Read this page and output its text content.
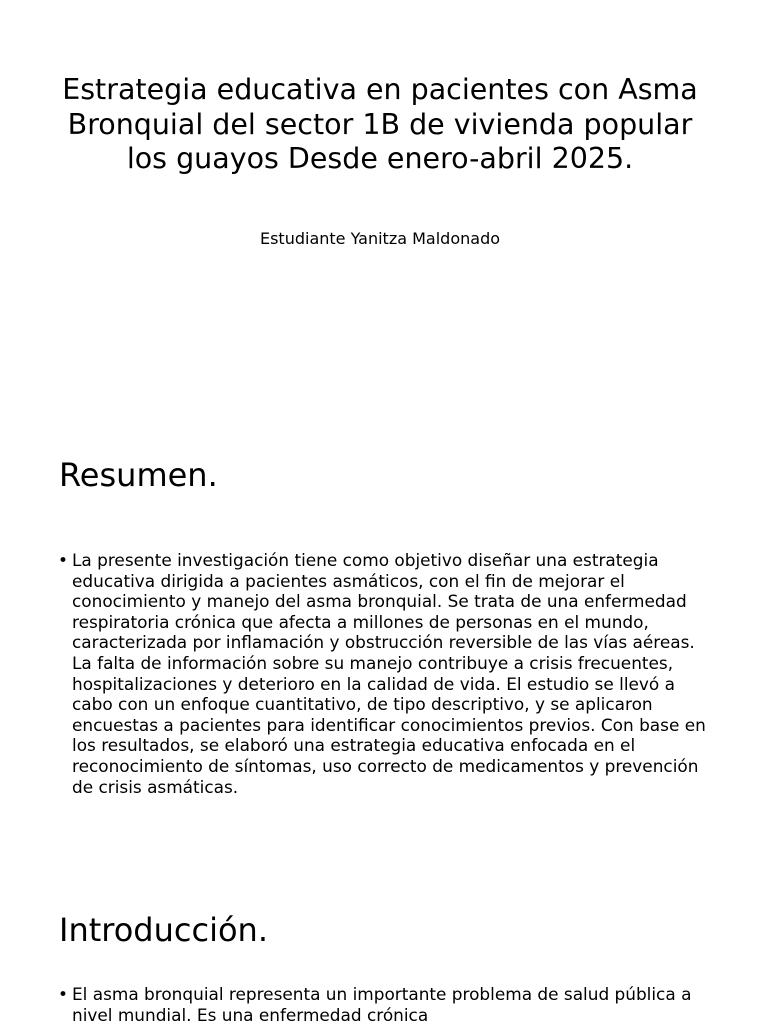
Estrategia educativa en pacientes con Asma Bronquial del sector 1B de vivienda popular los guayos Desde enero-abril 2025.

Estudiante Yanitza Maldonado

Resumen.
• La presente investigación tiene como objetivo diseñar una estrategia educativa dirigida a pacientes asmáticos, con el fin de mejorar el conocimiento y manejo del asma bronquial. Se trata de una enfermedad respiratoria crónica que afecta a millones de personas en el mundo, caracterizada por inflamación y obstrucción reversible de las vías aéreas. La falta de información sobre su manejo contribuye a crisis frecuentes, hospitalizaciones y deterioro en la calidad de vida. El estudio se llevó a cabo con un enfoque cuantitativo, de tipo descriptivo, y se aplicaron encuestas a pacientes para identificar conocimientos previos. Con base en los resultados, se elaboró una estrategia educativa enfocada en el reconocimiento de síntomas, uso correcto de medicamentos y prevención de crisis asmáticas.
Introducción.
• El asma bronquial representa un importante problema de salud pública a nivel mundial. Es una enfermedad crónica
